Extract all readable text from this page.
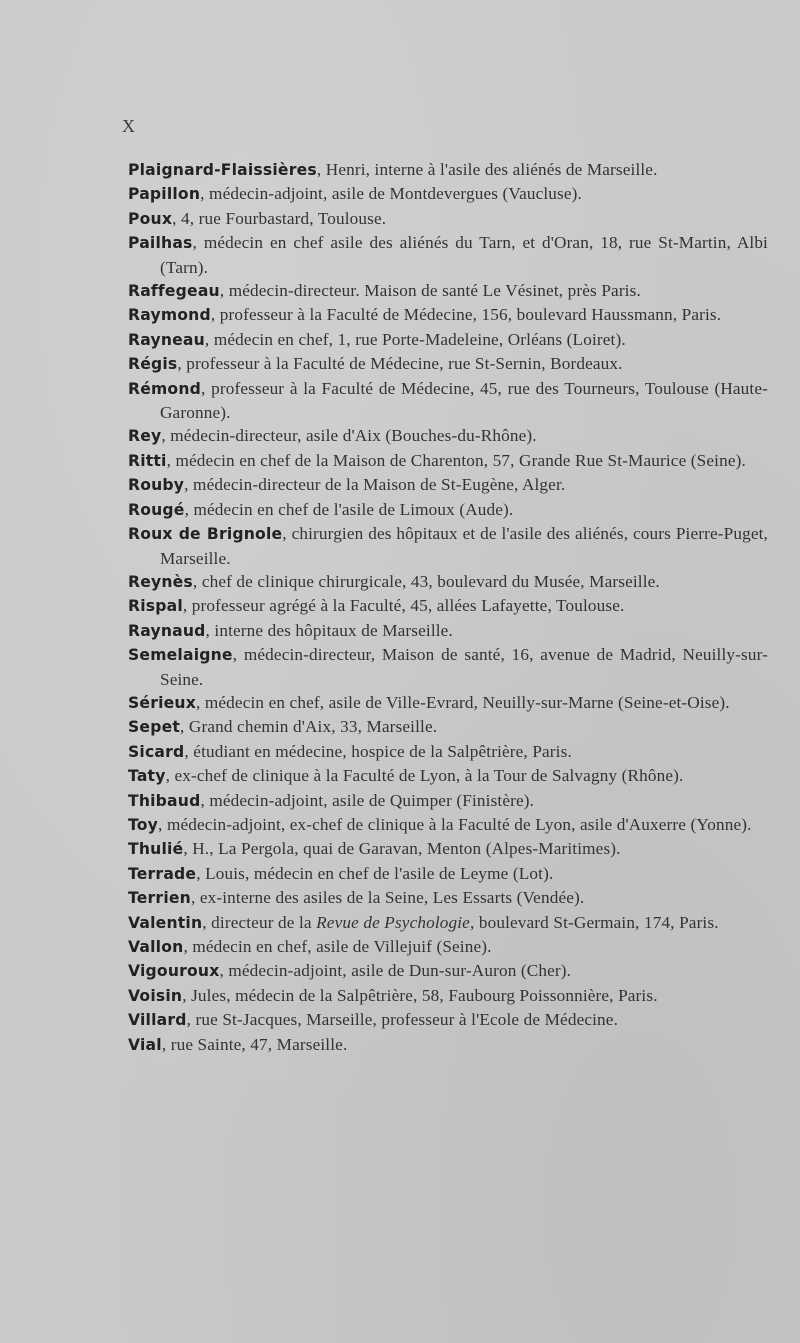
X
Plaignard-Flaissières, Henri, interne à l'asile des aliénés de Marseille.
Papillon, médecin-adjoint, asile de Montdevergues (Vaucluse).
Poux, 4, rue Fourbastard, Toulouse.
Pailhas, médecin en chef asile des aliénés du Tarn, et d'Oran, 18, rue St-Martin, Albi (Tarn).
Raffegeau, médecin-directeur. Maison de santé Le Vésinet, près Paris.
Raymond, professeur à la Faculté de Médecine, 156, boulevard Haussmann, Paris.
Rayneau, médecin en chef, 1, rue Porte-Madeleine, Orléans (Loiret).
Régis, professeur à la Faculté de Médecine, rue St-Sernin, Bordeaux.
Rémond, professeur à la Faculté de Médecine, 45, rue des Tourneurs, Toulouse (Haute-Garonne).
Rey, médecin-directeur, asile d'Aix (Bouches-du-Rhône).
Ritti, médecin en chef de la Maison de Charenton, 57, Grande Rue St-Maurice (Seine).
Rouby, médecin-directeur de la Maison de St-Eugène, Alger.
Rougé, médecin en chef de l'asile de Limoux (Aude).
Roux de Brignole, chirurgien des hôpitaux et de l'asile des aliénés, cours Pierre-Puget, Marseille.
Reynès, chef de clinique chirurgicale, 43, boulevard du Musée, Marseille.
Rispal, professeur agrégé à la Faculté, 45, allées Lafayette, Toulouse.
Raynaud, interne des hôpitaux de Marseille.
Semelaigne, médecin-directeur, Maison de santé, 16, avenue de Madrid, Neuilly-sur-Seine.
Sérieux, médecin en chef, asile de Ville-Evrard, Neuilly-sur-Marne (Seine-et-Oise).
Sepet, Grand chemin d'Aix, 33, Marseille.
Sicard, étudiant en médecine, hospice de la Salpêtrière, Paris.
Taty, ex-chef de clinique à la Faculté de Lyon, à la Tour de Salvagny (Rhône).
Thibaud, médecin-adjoint, asile de Quimper (Finistère).
Toy, médecin-adjoint, ex-chef de clinique à la Faculté de Lyon, asile d'Auxerre (Yonne).
Thulié, H., La Pergola, quai de Garavan, Menton (Alpes-Maritimes).
Terrade, Louis, médecin en chef de l'asile de Leyme (Lot).
Terrien, ex-interne des asiles de la Seine, Les Essarts (Vendée).
Valentin, directeur de la Revue de Psychologie, boulevard St-Germain, 174, Paris.
Vallon, médecin en chef, asile de Villejuif (Seine).
Vigouroux, médecin-adjoint, asile de Dun-sur-Auron (Cher).
Voisin, Jules, médecin de la Salpêtrière, 58, Faubourg Poissonnière, Paris.
Villard, rue St-Jacques, Marseille, professeur à l'Ecole de Médecine.
Vial, rue Sainte, 47, Marseille.
